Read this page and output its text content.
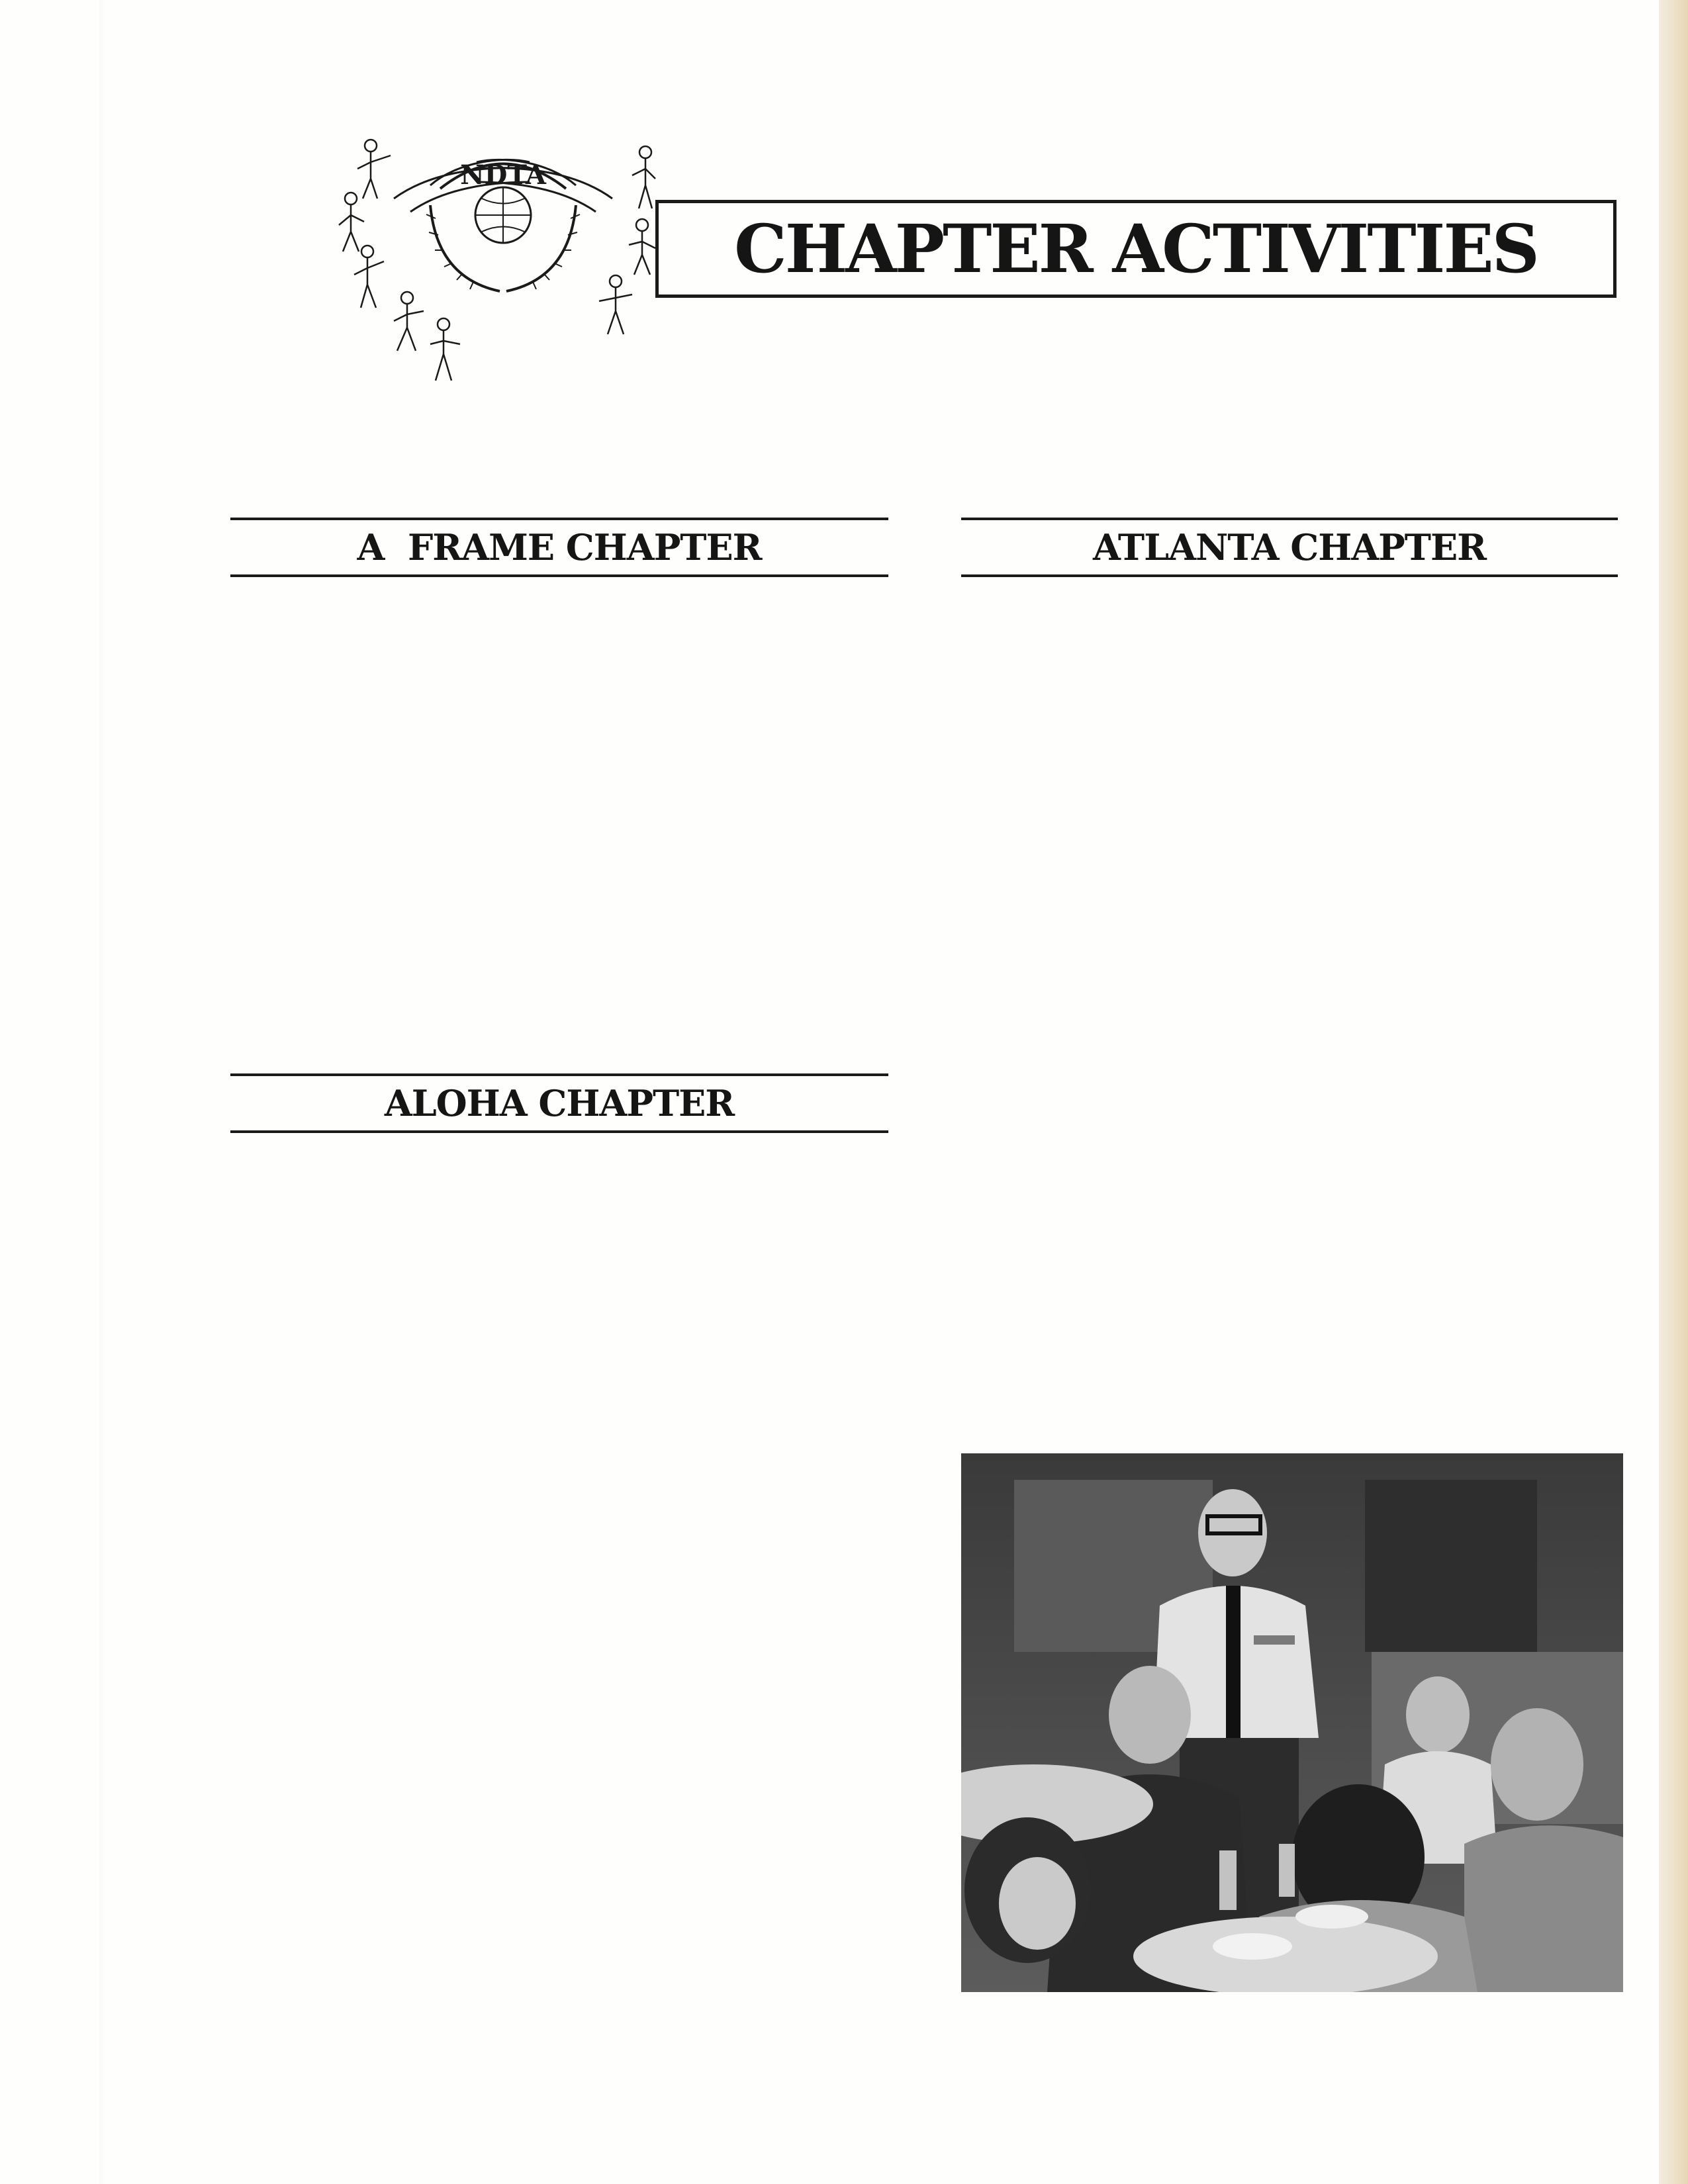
NDTA
CHAPTER ACTIVITIES
A  FRAME CHAPTER	ATLANTA CHAPTER
ALOHA CHAPTER
